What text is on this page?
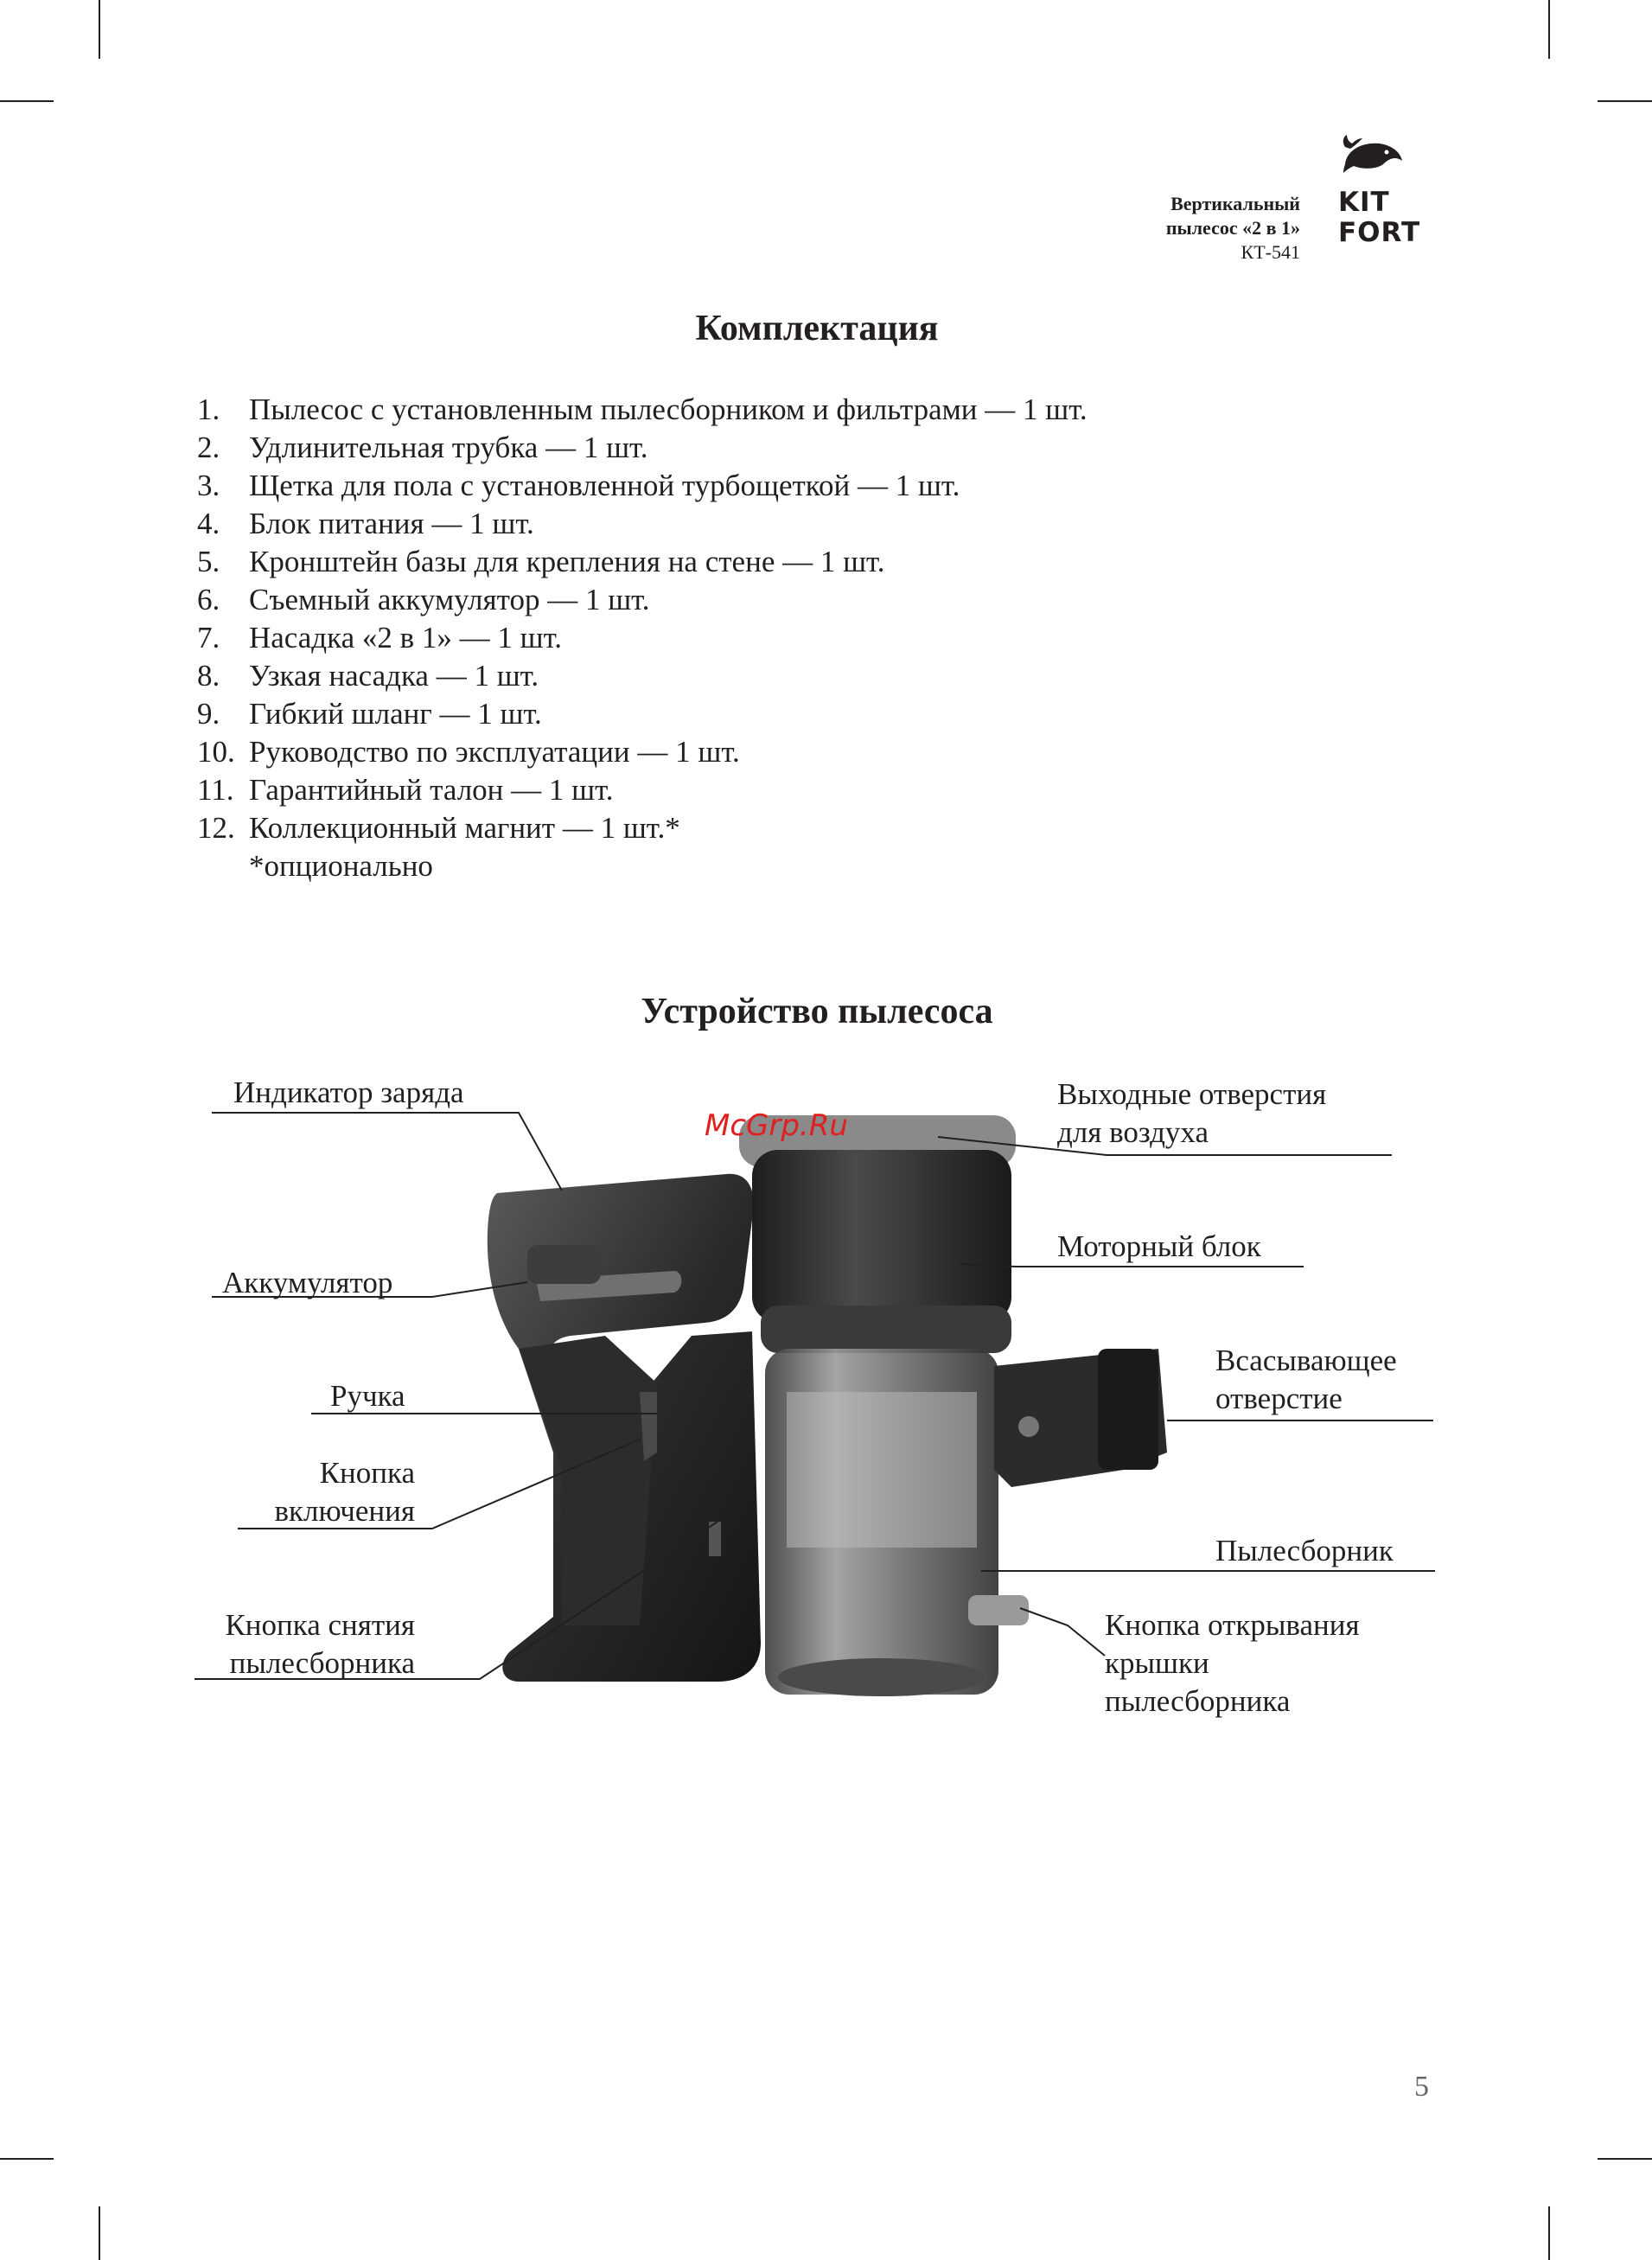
Вертикальный
пылесос «2 в 1»
КТ-541
KIT
FORT
Комплектация
1. Пылесос с установленным пылесборником и фильтрами — 1 шт.
2. Удлинительная трубка — 1 шт.
3. Щетка для пола с установленной турбощеткой — 1 шт.
4. Блок питания — 1 шт.
5. Кронштейн базы для крепления на стене — 1 шт.
6. Съемный аккумулятор — 1 шт.
7. Насадка «2 в 1» — 1 шт.
8. Узкая насадка — 1 шт.
9. Гибкий шланг — 1 шт.
10. Руководство по эксплуатации — 1 шт.
11. Гарантийный талон — 1 шт.
12. Коллекционный магнит — 1 шт.*
*опционально
Устройство пылесоса
McGrp.Ru
Индикатор заряда
Аккумулятор
Ручка
Кнопка
включения
Кнопка снятия
пылесборника
Выходные отверстия
для воздуха
Моторный блок
Всасывающее
отверстие
Пылесборник
Кнопка открывания
крышки
пылесборника
5
